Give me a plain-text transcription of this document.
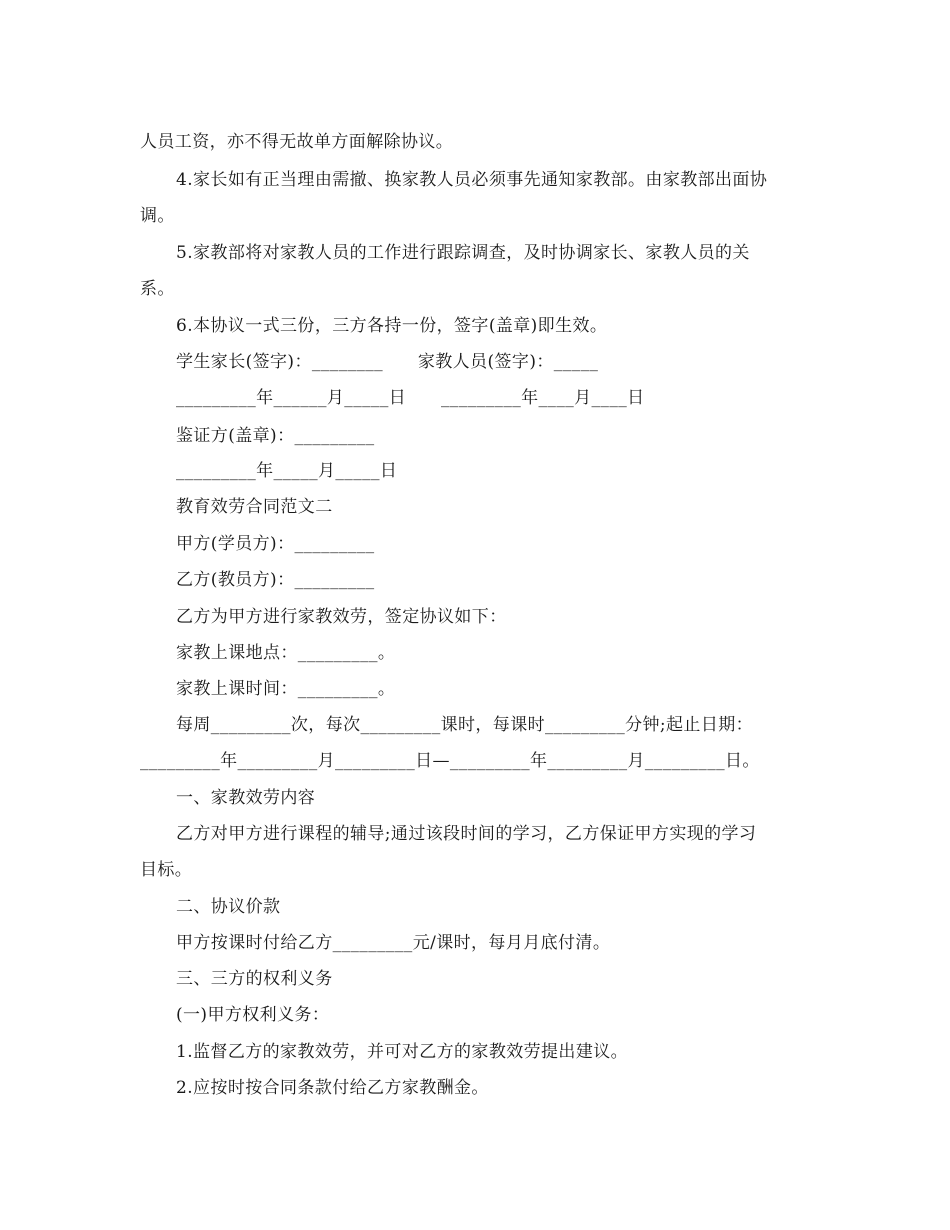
人员工资，亦不得无故单方面解除协议。
4.家长如有正当理由需撤、换家教人员必须事先通知家教部。由家教部出面协
调。
5.家教部将对家教人员的工作进行跟踪调查，及时协调家长、家教人员的关
系。
6.本协议一式三份，三方各持一份，签字(盖章)即生效。
学生家长(签字)：________      家教人员(签字)：_____
_________年______月_____日      _________年____月____日
鉴证方(盖章)：_________
_________年_____月_____日
教育效劳合同范文二
甲方(学员方)：_________
乙方(教员方)：_________
乙方为甲方进行家教效劳，签定协议如下：
家教上课地点：_________。
家教上课时间：_________。
每周_________次，每次_________课时，每课时_________分钟;起止日期：
_________年_________月_________日—_________年_________月_________日。
一、家教效劳内容
乙方对甲方进行课程的辅导;通过该段时间的学习，乙方保证甲方实现的学习
目标。
二、协议价款
甲方按课时付给乙方_________元/课时，每月月底付清。
三、三方的权利义务
(一)甲方权利义务：
1.监督乙方的家教效劳，并可对乙方的家教效劳提出建议。
2.应按时按合同条款付给乙方家教酬金。
